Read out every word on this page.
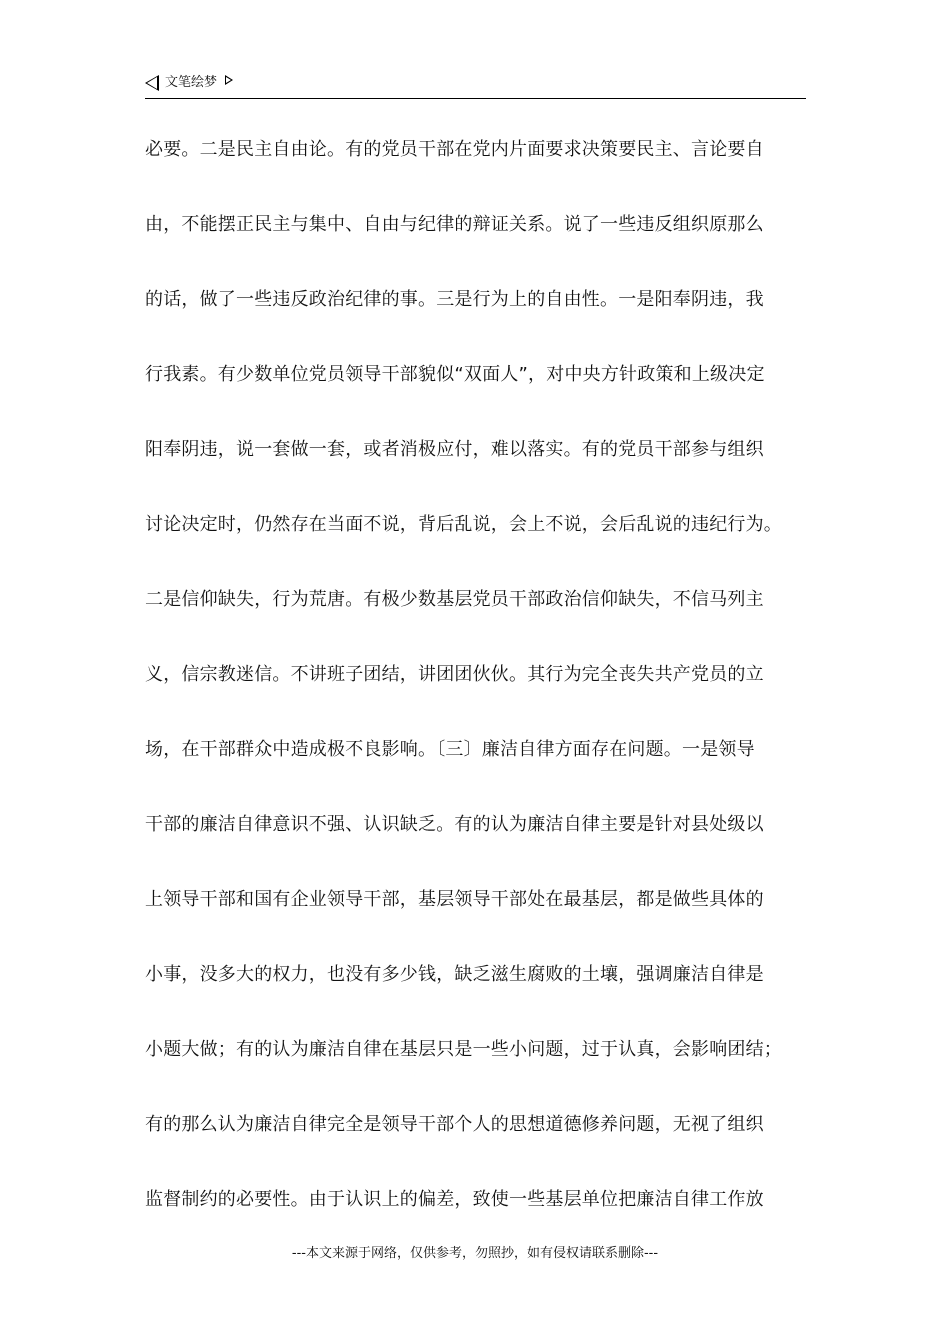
文笔绘梦
必要。二是民主自由论。有的党员干部在党内片面要求决策要民主、言论要自
由，不能摆正民主与集中、自由与纪律的辩证关系。说了一些违反组织原那么
的话，做了一些违反政治纪律的事。三是行为上的自由性。一是阳奉阴违，我
行我素。有少数单位党员领导干部貌似“双面人”，对中央方针政策和上级决定
阳奉阴违，说一套做一套，或者消极应付，难以落实。有的党员干部参与组织
讨论决定时，仍然存在当面不说，背后乱说，会上不说，会后乱说的违纪行为。
二是信仰缺失，行为荒唐。有极少数基层党员干部政治信仰缺失，不信马列主
义，信宗教迷信。不讲班子团结，讲团团伙伙。其行为完全丧失共产党员的立
场，在干部群众中造成极不良影响。〔三〕廉洁自律方面存在问题。一是领导
干部的廉洁自律意识不强、认识缺乏。有的认为廉洁自律主要是针对县处级以
上领导干部和国有企业领导干部，基层领导干部处在最基层，都是做些具体的
小事，没多大的权力，也没有多少钱，缺乏滋生腐败的土壤，强调廉洁自律是
小题大做；有的认为廉洁自律在基层只是一些小问题，过于认真，会影响团结；
有的那么认为廉洁自律完全是领导干部个人的思想道德修养问题，无视了组织
监督制约的必要性。由于认识上的偏差，致使一些基层单位把廉洁自律工作放
---本文来源于网络，仅供参考，勿照抄，如有侵权请联系删除---
